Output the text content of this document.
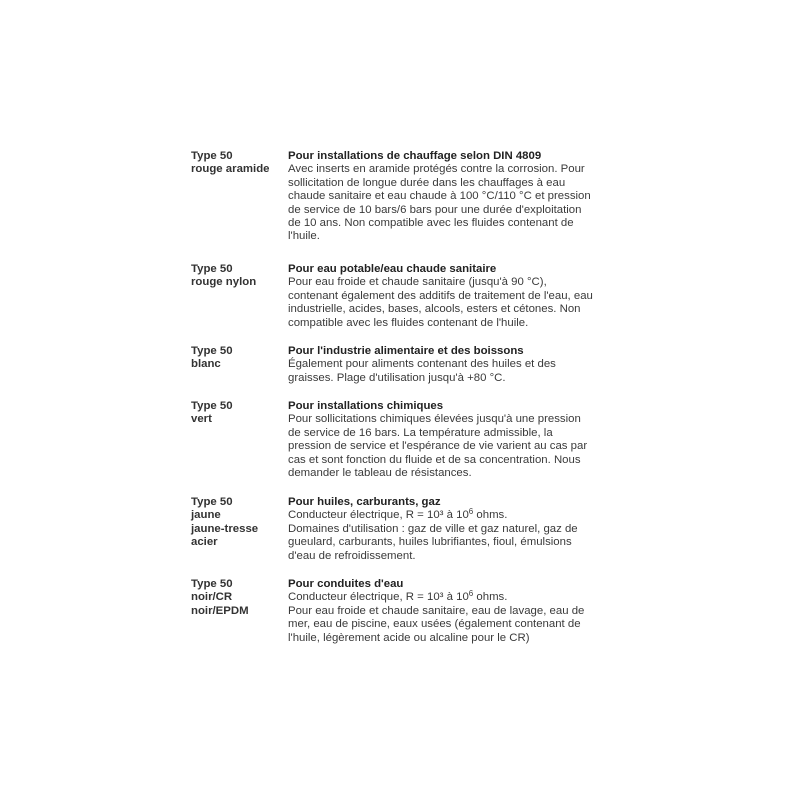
Type 50
rouge aramide
Pour installations de chauffage selon DIN 4809
Avec inserts en aramide protégés contre la corrosion. Pour
sollicitation de longue durée dans les chauffages à eau
chaude sanitaire et eau chaude à 100 °C/110 °C et pression
de service de 10 bars/6 bars pour une durée d'exploitation
de 10 ans. Non compatible avec les fluides contenant de
l'huile.
Type 50
rouge nylon
Pour eau potable/eau chaude sanitaire
Pour eau froide et chaude sanitaire (jusqu'à 90 °C),
contenant également des additifs de traitement de l'eau, eau
industrielle, acides, bases, alcools, esters et cétones. Non
compatible avec les fluides contenant de l'huile.
Type 50
blanc
Pour l'industrie alimentaire et des boissons
Également pour aliments contenant des huiles et des
graisses. Plage d'utilisation jusqu'à +80 °C.
Type 50
vert
Pour installations chimiques
Pour sollicitations chimiques élevées jusqu'à une pression
de service de 16 bars. La température admissible, la
pression de service et l'espérance de vie varient au cas par
cas et sont fonction du fluide et de sa concentration. Nous
demander le tableau de résistances.
Type 50
jaune
jaune-tresse
acier
Pour huiles, carburants, gaz
Conducteur électrique, R = 10³ à $10^6$ ohms.
Domaines d'utilisation : gaz de ville et gaz naturel, gaz de
gueulard, carburants, huiles lubrifiantes, fioul, émulsions
d'eau de refroidissement.
Type 50
noir/CR
noir/EPDM
Pour conduites d'eau
Conducteur électrique, R = 10³ à $10^6$ ohms.
Pour eau froide et chaude sanitaire, eau de lavage, eau de
mer, eau de piscine, eaux usées (également contenant de
l'huile, légèrement acide ou alcaline pour le CR)
